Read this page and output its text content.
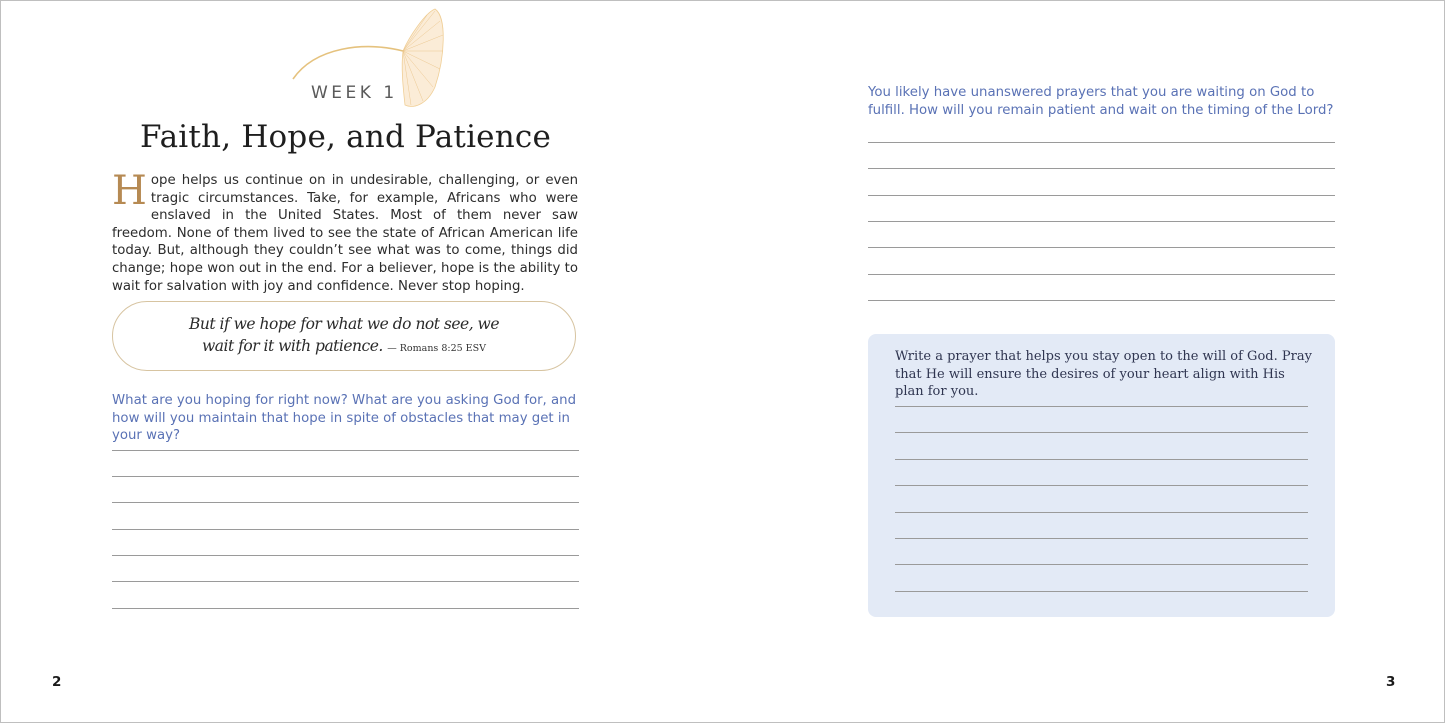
WEEK 1
Faith, Hope, and Patience

Hope helps us continue on in undesirable, challenging, or even tragic circumstances. Take, for example, Africans who were enslaved in the United States. Most of them never saw freedom. None of them lived to see the state of African American life today. But, although they couldn’t see what was to come, things did change; hope won out in the end. For a believer, hope is the ability to wait for salvation with joy and confidence. Never stop hoping.

But if we hope for what we do not see, we
wait for it with patience. — Romans 8:25 ESV

What are you hoping for right now? What are you asking God for, and how will you maintain that hope in spite of obstacles that may get in your way?

2

You likely have unanswered prayers that you are waiting on God to fulfill. How will you remain patient and wait on the timing of the Lord?

Write a prayer that helps you stay open to the will of God. Pray that He will ensure the desires of your heart align with His plan for you.

3
